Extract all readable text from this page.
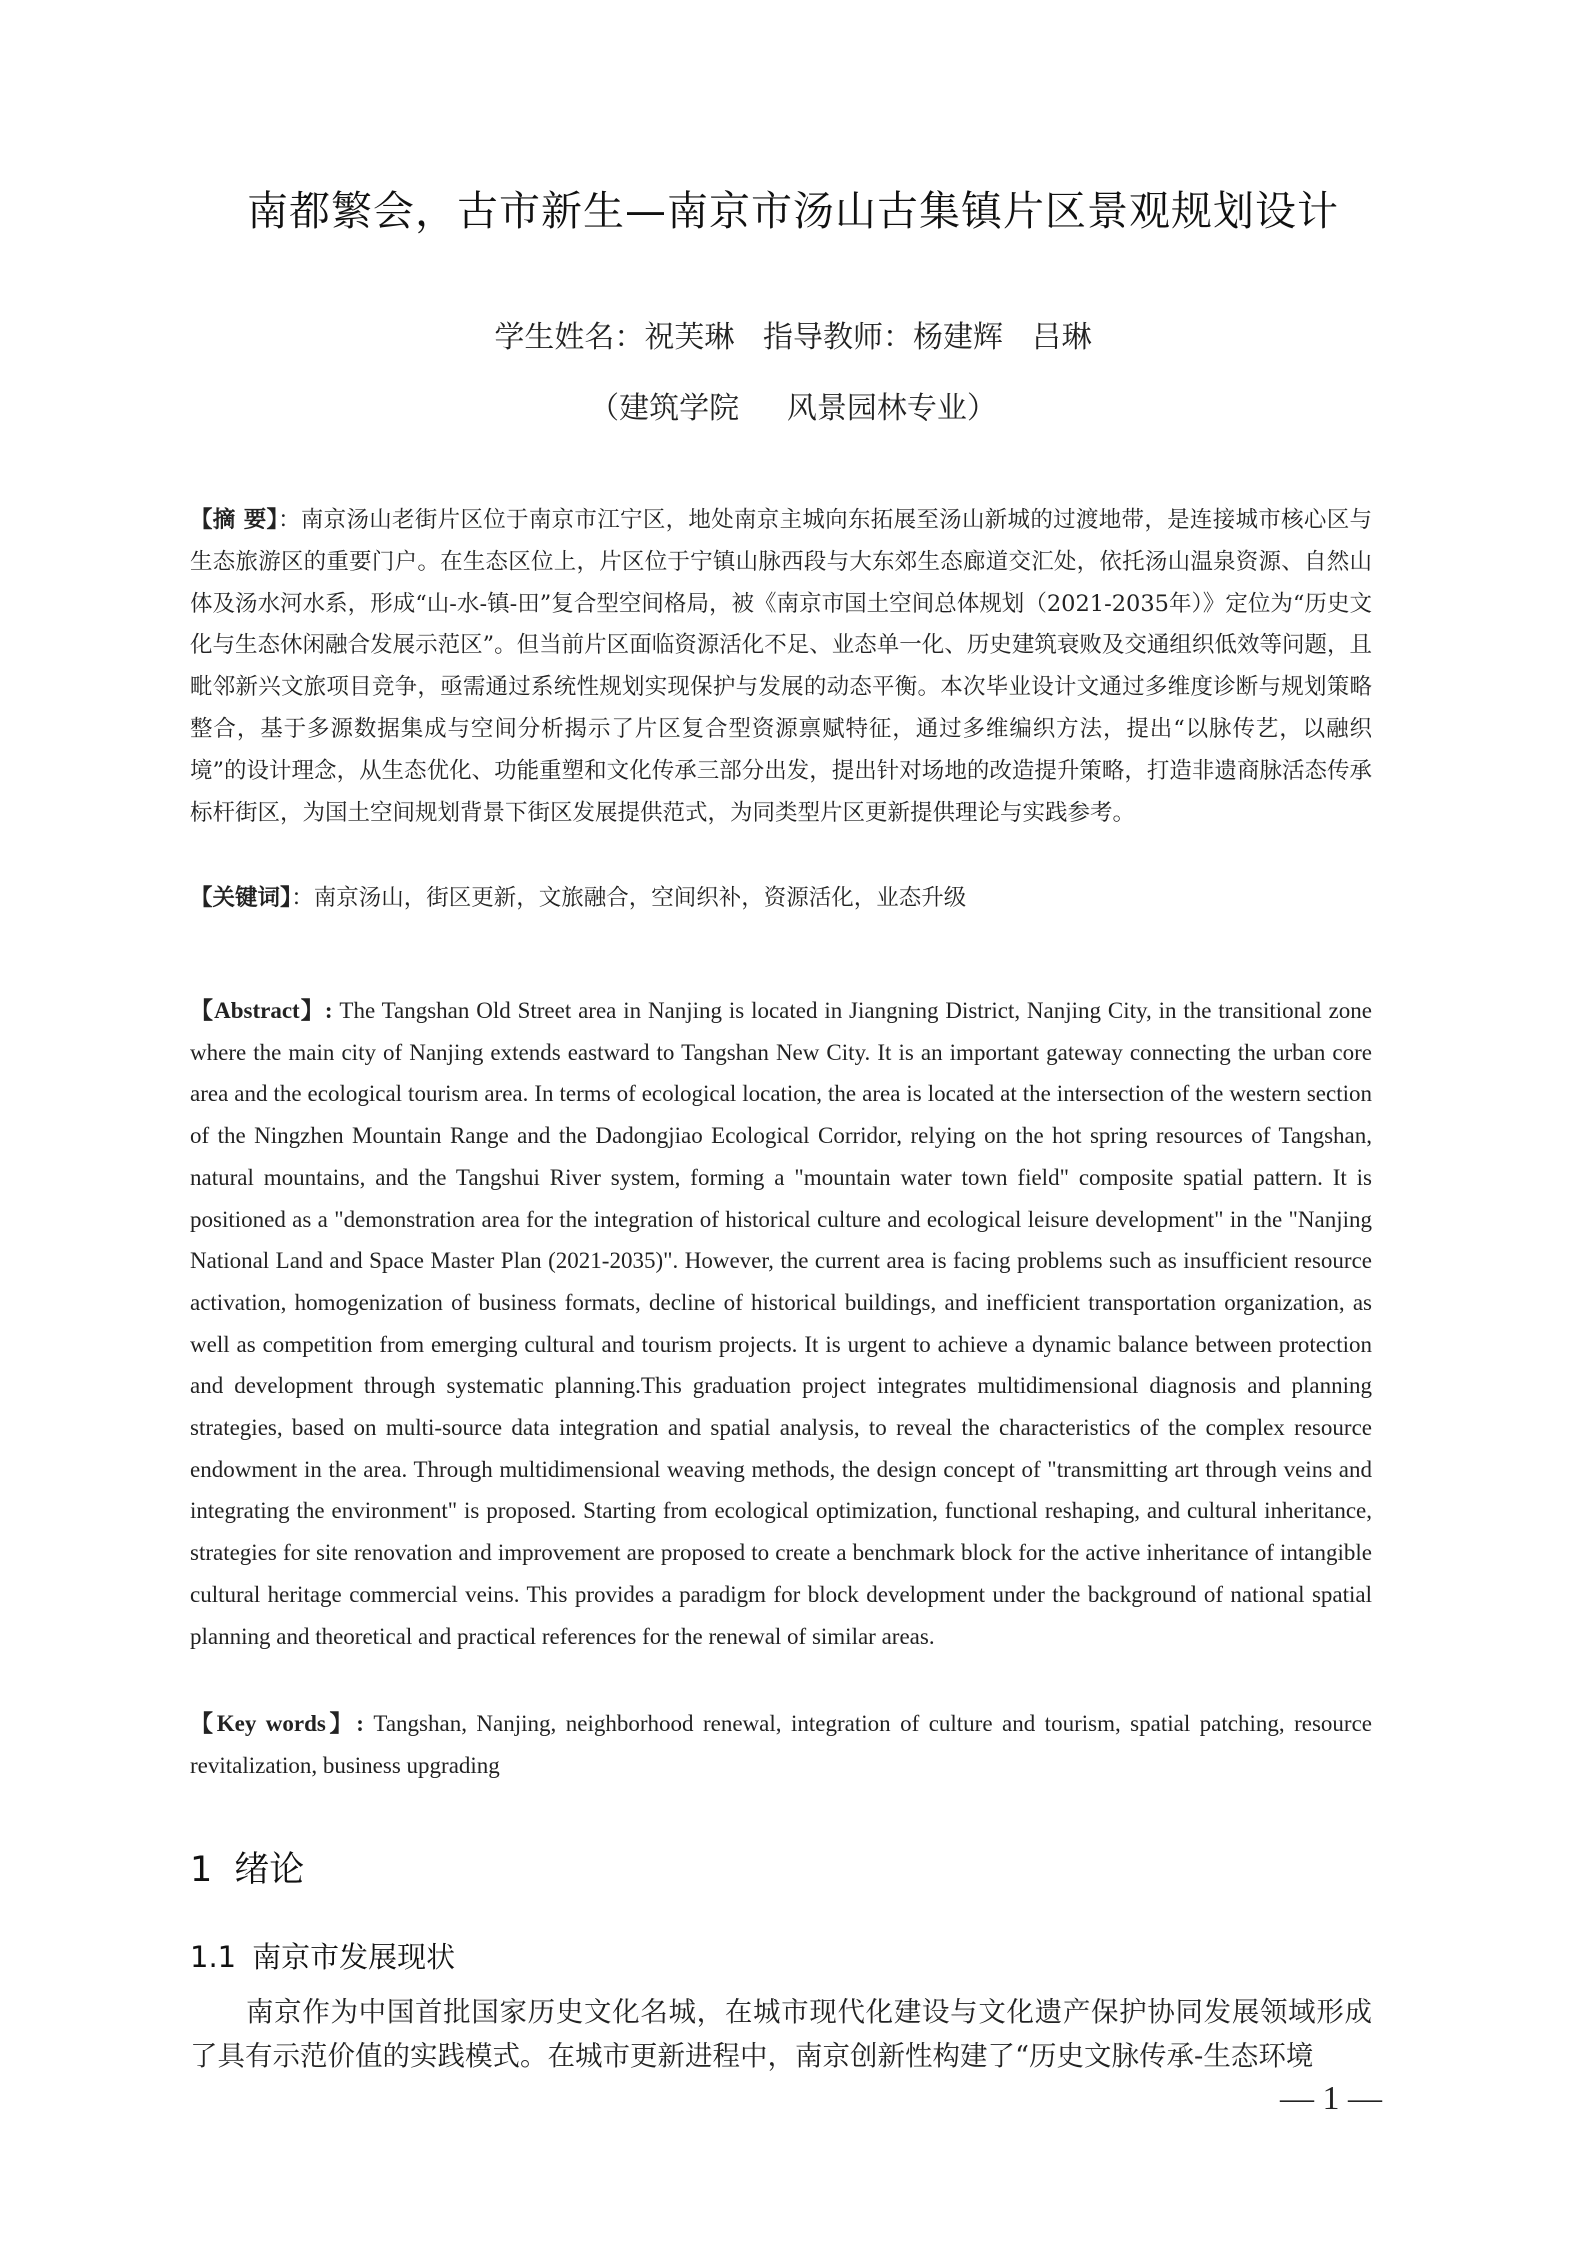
南都繁会，古市新生—南京市汤山古集镇片区景观规划设计
学生姓名：祝芙琳   指导教师：杨建辉   吕琳
（建筑学院     风景园林专业）
【摘 要】：南京汤山老街片区位于南京市江宁区，地处南京主城向东拓展至汤山新城的过渡地带，是连接城市核心区与生态旅游区的重要门户。在生态区位上，片区位于宁镇山脉西段与大东郊生态廊道交汇处，依托汤山温泉资源、自然山体及汤水河水系，形成“山-水-镇-田”复合型空间格局，被《南京市国土空间总体规划（2021-2035年）》定位为“历史文化与生态休闲融合发展示范区”。但当前片区面临资源活化不足、业态单一化、历史建筑衰败及交通组织低效等问题，且毗邻新兴文旅项目竞争，亟需通过系统性规划实现保护与发展的动态平衡。本次毕业设计文通过多维度诊断与规划策略整合，基于多源数据集成与空间分析揭示了片区复合型资源禀赋特征，通过多维编织方法，提出“以脉传艺，以融织境”的设计理念，从生态优化、功能重塑和文化传承三部分出发，提出针对场地的改造提升策略，打造非遗商脉活态传承标杆街区，为国土空间规划背景下街区发展提供范式，为同类型片区更新提供理论与实践参考。
【关键词】：南京汤山，街区更新，文旅融合，空间织补，资源活化，业态升级
【Abstract】: The Tangshan Old Street area in Nanjing is located in Jiangning District, Nanjing City, in the transitional zone where the main city of Nanjing extends eastward to Tangshan New City. It is an important gateway connecting the urban core area and the ecological tourism area. In terms of ecological location, the area is located at the intersection of the western section of the Ningzhen Mountain Range and the Dadongjiao Ecological Corridor, relying on the hot spring resources of Tangshan, natural mountains, and the Tangshui River system, forming a "mountain water town field" composite spatial pattern. It is positioned as a "demonstration area for the integration of historical culture and ecological leisure development" in the "Nanjing National Land and Space Master Plan (2021-2035)". However, the current area is facing problems such as insufficient resource activation, homogenization of business formats, decline of historical buildings, and inefficient transportation organization, as well as competition from emerging cultural and tourism projects. It is urgent to achieve a dynamic balance between protection and development through systematic planning.This graduation project integrates multidimensional diagnosis and planning strategies, based on multi-source data integration and spatial analysis, to reveal the characteristics of the complex resource endowment in the area. Through multidimensional weaving methods, the design concept of "transmitting art through veins and integrating the environment" is proposed. Starting from ecological optimization, functional reshaping, and cultural inheritance, strategies for site renovation and improvement are proposed to create a benchmark block for the active inheritance of intangible cultural heritage commercial veins. This provides a paradigm for block development under the background of national spatial planning and theoretical and practical references for the renewal of similar areas.
【Key words】: Tangshan, Nanjing, neighborhood renewal, integration of culture and tourism, spatial patching, resource revitalization, business upgrading
1 绪论
1.1 南京市发展现状
南京作为中国首批国家历史文化名城，在城市现代化建设与文化遗产保护协同发展领域形成了具有示范价值的实践模式。在城市更新进程中，南京创新性构建了“历史文脉传承-生态环境
— 1 —
